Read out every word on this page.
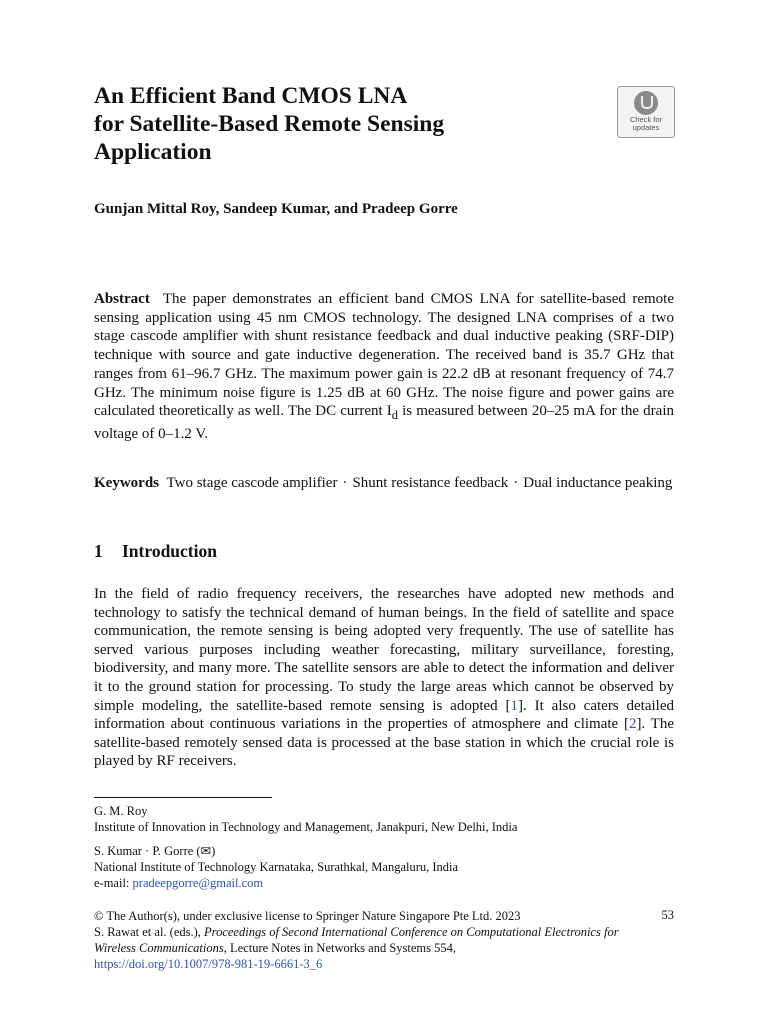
An Efficient Band CMOS LNA
for Satellite-Based Remote Sensing
Application
Check for
updates

Gunjan Mittal Roy, Sandeep Kumar, and Pradeep Gorre

Abstract The paper demonstrates an efficient band CMOS LNA for satellite-based remote sensing application using 45 nm CMOS technology. The designed LNA comprises of a two stage cascode amplifier with shunt resistance feedback and dual inductive peaking (SRF-DIP) technique with source and gate inductive degeneration. The received band is 35.7 GHz that ranges from 61–96.7 GHz. The maximum power gain is 22.2 dB at resonant frequency of 74.7 GHz. The minimum noise figure is 1.25 dB at 60 GHz. The noise figure and power gains are calculated theoretically as well. The DC current $I_d$ is measured between 20–25 mA for the drain voltage of 0–1.2 V.

Keywords Two stage cascode amplifier · Shunt resistance feedback · Dual inductance peaking

1 Introduction

In the field of radio frequency receivers, the researches have adopted new methods and technology to satisfy the technical demand of human beings. In the field of satellite and space communication, the remote sensing is being adopted very frequently. The use of satellite has served various purposes including weather forecasting, military surveillance, foresting, biodiversity, and many more. The satellite sensors are able to detect the information and deliver it to the ground station for processing. To study the large areas which cannot be observed by simple modeling, the satellite-based remote sensing is adopted [1]. It also caters detailed information about continuous variations in the properties of atmosphere and climate [2]. The satellite-based remotely sensed data is processed at the base station in which the crucial role is played by RF receivers.

G. M. Roy
Institute of Innovation in Technology and Management, Janakpuri, New Delhi, India
S. Kumar · P. Gorre (✉)
National Institute of Technology Karnataka, Surathkal, Mangaluru, India
e-mail: pradeepgorre@gmail.com
© The Author(s), under exclusive license to Springer Nature Singapore Pte Ltd. 2023
S. Rawat et al. (eds.), Proceedings of Second International Conference on Computational Electronics for Wireless Communications, Lecture Notes in Networks and Systems 554,
https://doi.org/10.1007/978-981-19-6661-3_6
53
